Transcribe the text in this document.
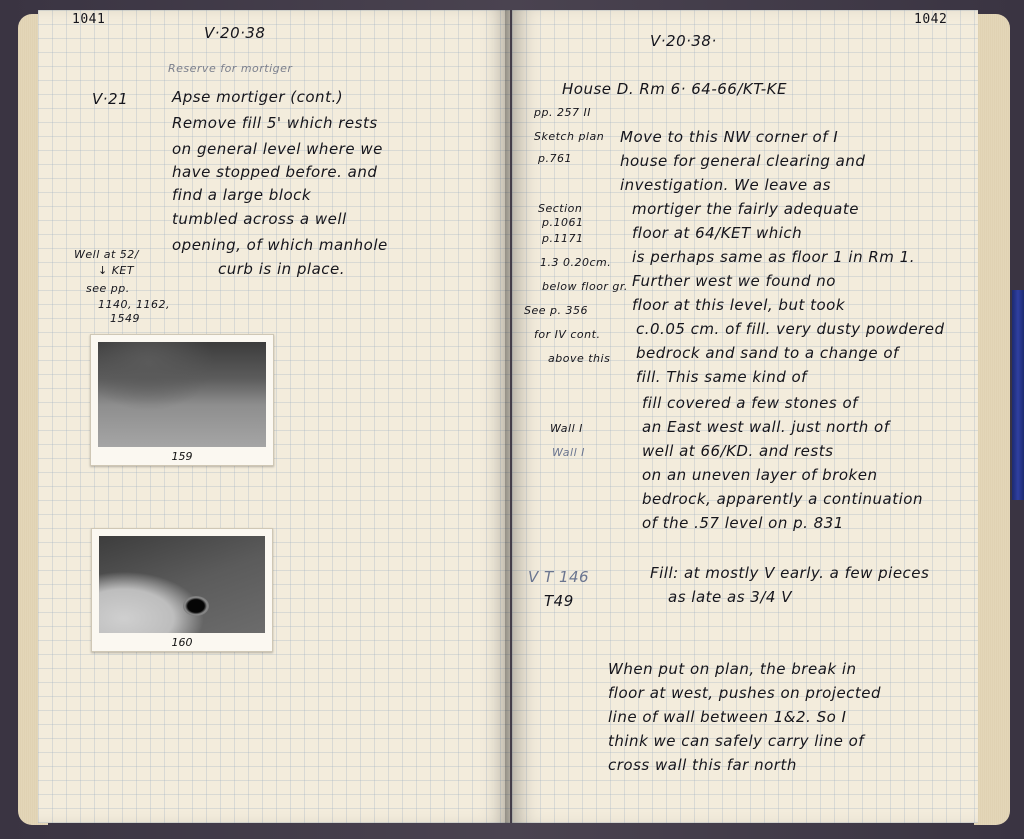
1041
V·20·38
Reserve for mortiger
V·21	Apse mortiger (cont.)
Remove fill 5' which rests
on general level where we
have stopped before. and
find a large block
tumbled across a well
opening, of which manhole
curb is in place.
Well at 52/
↓ KET
see pp.
1140, 1162,
1549
159
160
1042
V·20·38·
House D. Rm 6· 64-66/KT-KE
pp. 257 II
Sketch plan
p.761
Section
p.1061
p.1171
1.3 0.20cm.
below floor gr.
See p. 356
for IV cont.
above this
Wall I
Wall I
V T 146
T49
Move to this NW corner of I
house for general clearing and
investigation. We leave as
mortiger the fairly adequate
floor at 64/KET which
is perhaps same as floor 1 in Rm 1.
Further west we found no
floor at this level, but took
c.0.05 cm. of fill. very dusty powdered
bedrock and sand to a change of
fill. This same kind of
fill covered a few stones of
an East west wall. just north of
well at 66/KD. and rests
on an uneven layer of broken
bedrock, apparently a continuation
of the .57 level on p. 831
Fill: at mostly V early. a few pieces
as late as 3/4 V
When put on plan, the break in
floor at west, pushes on projected
line of wall between 1&2. So I
think we can safely carry line of
cross wall this far north
